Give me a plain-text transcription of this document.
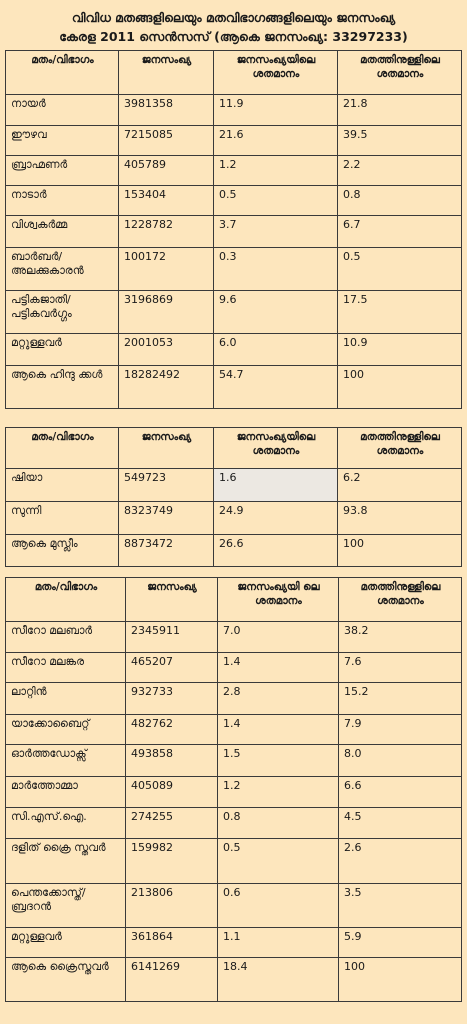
വിവിധ മതങ്ങളിലെയും മതവിഭാഗങ്ങളിലെയും ജനസംഖ്യ
കേരള 2011 സെൻസസ് (ആകെ ജനസംഖ്യ: 33297233)
മതം/വിഭാഗം	ജനസംഖ്യ	ജനസംഖ്യയിലെ ശതമാനം	മതത്തിനുള്ളിലെ ശതമാനം
നായർ	3981358	11.9	21.8
ഈഴവ	7215085	21.6	39.5
ബ്രാഹ്മണർ	405789	1.2	2.2
നാടാർ	153404	0.5	0.8
വിശ്വകർമ്മ	1228782	3.7	6.7
ബാർബർ/ അലക്കുകാരൻ	100172	0.3	0.5
പട്ടികജാതി/ പട്ടികവർഗ്ഗം	3196869	9.6	17.5
മറ്റുള്ളവർ	2001053	6.0	10.9
ആകെ ഹിന്ദു ക്കൾ	18282492	54.7	100
മതം/വിഭാഗം	ജനസംഖ്യ	ജനസംഖ്യയിലെ ശതമാനം	മതത്തിനുള്ളിലെ ശതമാനം
ഷിയാ	549723	1.6	6.2
സുന്നി	8323749	24.9	93.8
ആകെ മുസ്ലീം	8873472	26.6	100
മതം/വിഭാഗം	ജനസംഖ്യ	ജനസംഖ്യയി ലെ ശതമാനം	മതത്തിനുള്ളിലെ ശതമാനം
സീറോ മലബാർ	2345911	7.0	38.2
സീറോ മലങ്കര	465207	1.4	7.6
ലാറ്റിൻ	932733	2.8	15.2
യാക്കോബൈറ്റ്	482762	1.4	7.9
ഓർത്തഡോക്സ്	493858	1.5	8.0
മാർത്തോമ്മാ	405089	1.2	6.6
സി.എസ്.ഐ.	274255	0.8	4.5
ദളിത് ക്രൈ സ്തവർ	159982	0.5	2.6
പെന്തക്കോസ്ത്/ ബ്രദറൻ	213806	0.6	3.5
മറ്റുള്ളവർ	361864	1.1	5.9
ആകെ ക്രൈസ്തവർ	6141269	18.4	100
